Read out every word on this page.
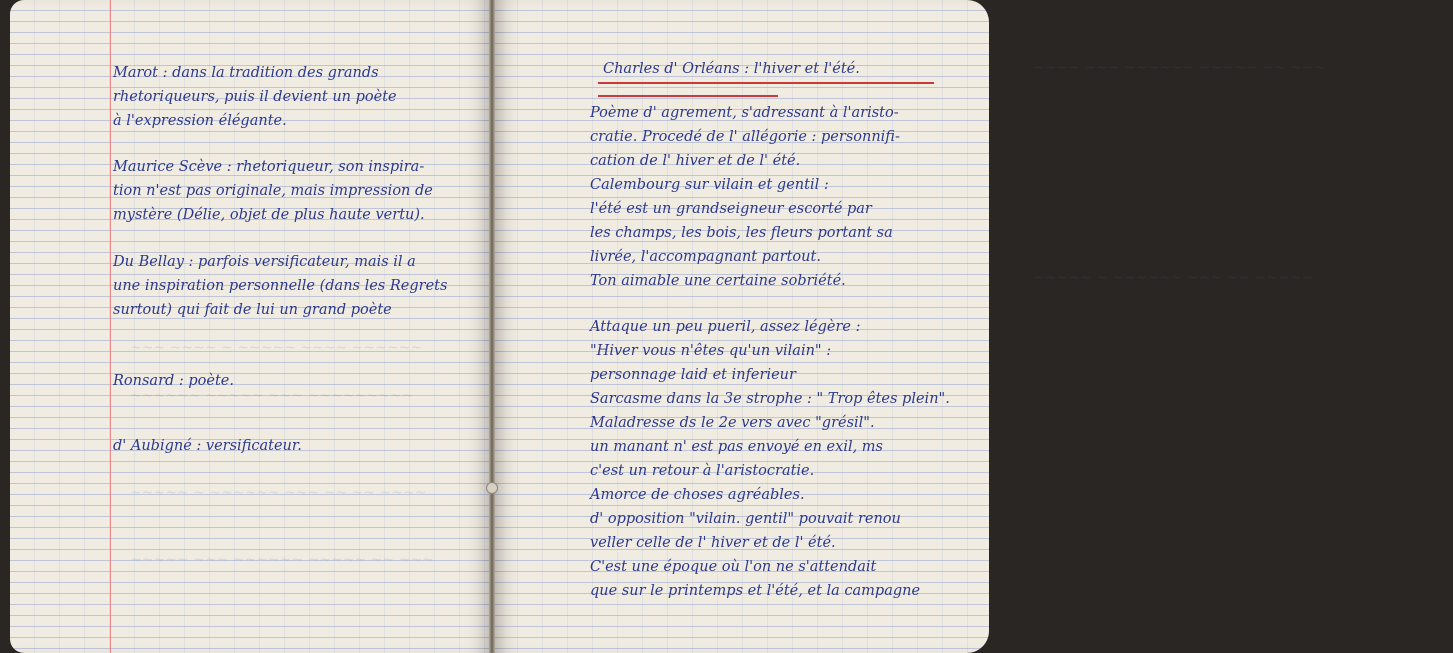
~~~ ~~~~ ~ ~~~~~ ~~~~ ~~~~~~
~~~~~~ ~~~~~ ~~~ ~~~~~~~~~
~~~~~ ~ ~~~~~~ ~~~ ~~ ~~ ~~~~
~~~~~ ~~~ ~~~~~~ ~~~~~ ~~ ~~~
~~~~ ~~~ ~~~~~~ ~~~~~ ~~ ~~~
~~~~~ ~ ~~~~~~ ~~~ ~~ ~~~~~
Marot : dans la tradition des grands
rhetoriqueurs, puis il devient un poète
à l'expression élégante.
Maurice Scève : rhetoriqueur, son inspira-
tion n'est pas originale, mais impression de
mystère (Délie, objet de plus haute vertu).
Du Bellay : parfois versificateur, mais il a
une inspiration personnelle (dans les Regrets
surtout) qui fait de lui un grand poète
Ronsard : poète.
d' Aubigné : versificateur.
Charles d' Orléans : l'hiver et l'été.
Poème d' agrement, s'adressant à l'aristo-
cratie. Procedé de l' allégorie : personnifi-
cation de l' hiver et de l' été.
Calembourg sur vilain et gentil :
l'été est un grandseigneur escorté par
les champs, les bois, les fleurs portant sa
livrée, l'accompagnant partout.
Ton aimable une certaine sobriété.
Attaque un peu pueril, assez légère :
"Hiver vous n'êtes qu'un vilain" :
personnage laid et inferieur
Sarcasme dans la 3e strophe : " Trop êtes plein".
Maladresse ds le 2e vers avec "grésil".
un manant n' est pas envoyé en exil, ms
c'est un retour à l'aristocratie.
Amorce de choses agréables.
d' opposition "vilain. gentil" pouvait renou
veller celle de l' hiver et de l' été.
C'est une époque où l'on ne s'attendait
que sur le printemps et l'été, et la campagne
